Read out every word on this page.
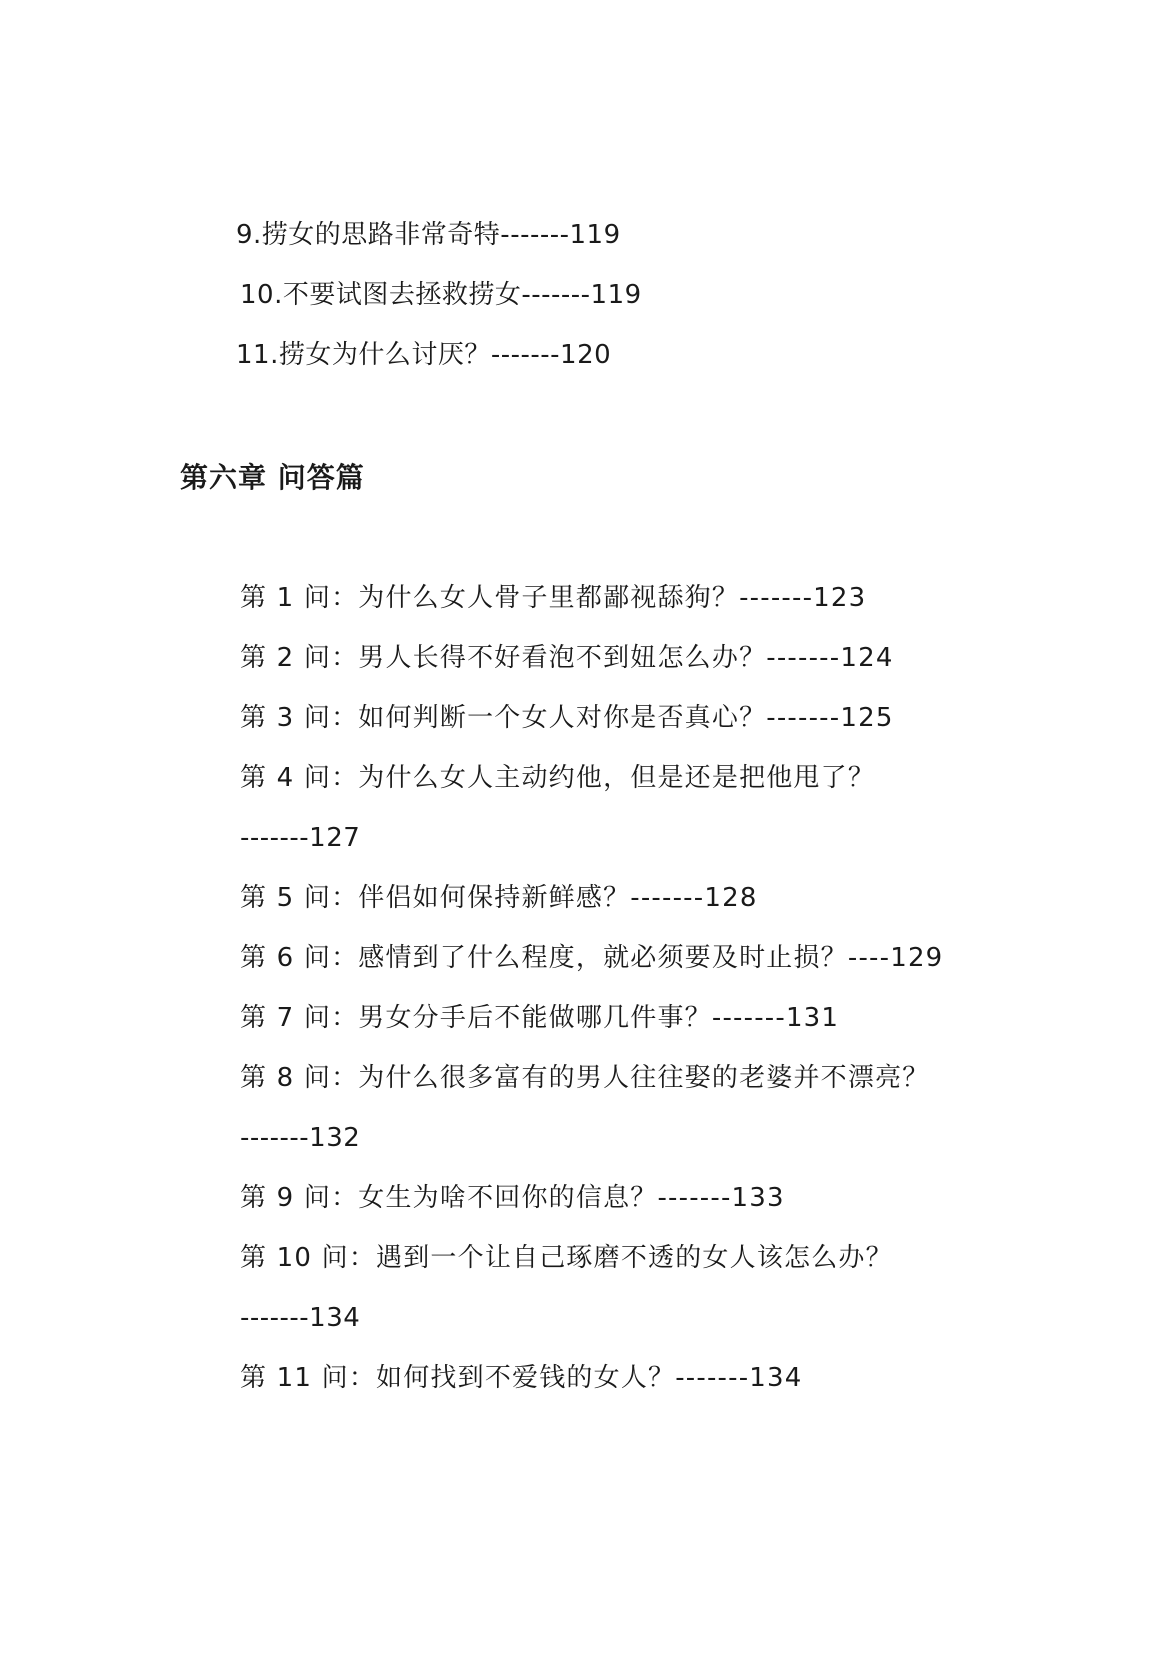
9.捞女的思路非常奇特-------119
10.不要试图去拯救捞女-------119
11.捞女为什么讨厌？-------120
第六章 问答篇
第 1 问：为什么女人骨子里都鄙视舔狗？-------123
第 2 问：男人长得不好看泡不到妞怎么办？-------124
第 3 问：如何判断一个女人对你是否真心？-------125
第 4 问：为什么女人主动约他，但是还是把他甩了？
-------127
第 5 问：伴侣如何保持新鲜感？-------128
第 6 问：感情到了什么程度，就必须要及时止损？----129
第 7 问：男女分手后不能做哪几件事？-------131
第 8 问：为什么很多富有的男人往往娶的老婆并不漂亮？
-------132
第 9 问：女生为啥不回你的信息？-------133
第 10 问：遇到一个让自己琢磨不透的女人该怎么办？
-------134
第 11 问：如何找到不爱钱的女人？-------134
